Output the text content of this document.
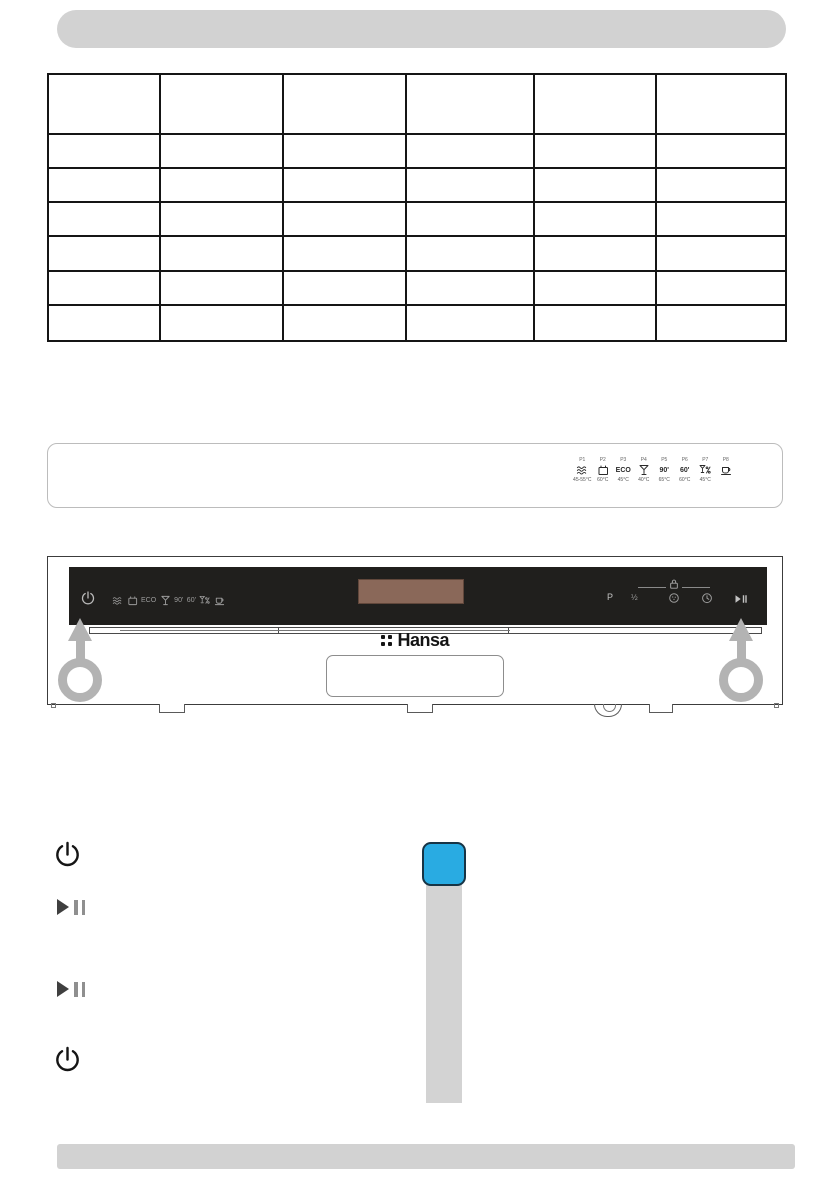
P1
45-55°C
P2
60°C
P3
ECO
45°C
P4
40°C
P5
90'
65°C
P6
60'
60°C
P7
45°C
P8
ECO	90' 60'	P ½
Hansa
